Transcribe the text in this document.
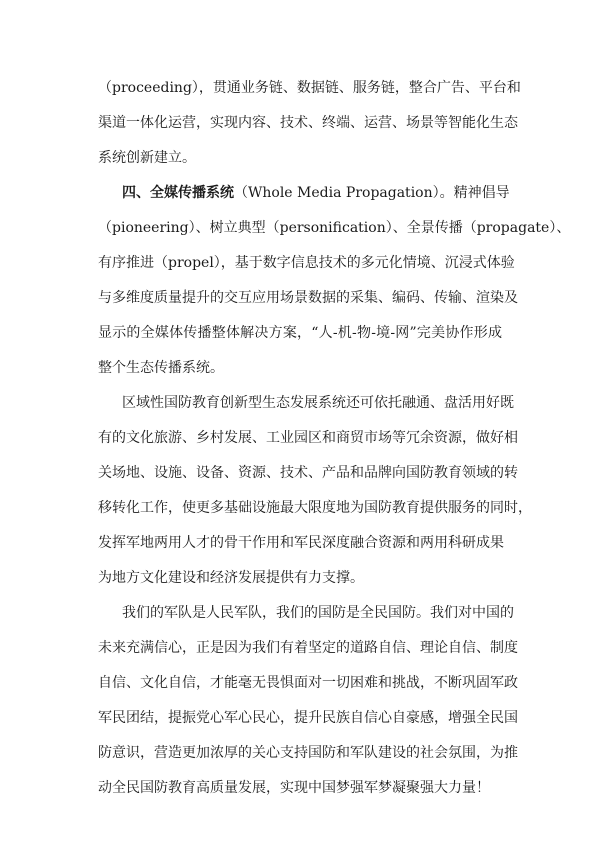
（proceeding），贯通业务链、数据链、服务链，整合广告、平台和
渠道一体化运营，实现内容、技术、终端、运营、场景等智能化生态
系统创新建立。
四、全媒传播系统（Whole Media Propagation）。精神倡导
（pioneering）、树立典型（personification）、全景传播（propagate）、
有序推进（propel），基于数字信息技术的多元化情境、沉浸式体验
与多维度质量提升的交互应用场景数据的采集、编码、传输、渲染及
显示的全媒体传播整体解决方案，“人-机-物-境-网”完美协作形成
整个生态传播系统。
区域性国防教育创新型生态发展系统还可依托融通、盘活用好既
有的文化旅游、乡村发展、工业园区和商贸市场等冗余资源，做好相
关场地、设施、设备、资源、技术、产品和品牌向国防教育领域的转
移转化工作，使更多基础设施最大限度地为国防教育提供服务的同时，
发挥军地两用人才的骨干作用和军民深度融合资源和两用科研成果
为地方文化建设和经济发展提供有力支撑。
我们的军队是人民军队，我们的国防是全民国防。我们对中国的
未来充满信心，正是因为我们有着坚定的道路自信、理论自信、制度
自信、文化自信，才能毫无畏惧面对一切困难和挑战，不断巩固军政
军民团结，提振党心军心民心，提升民族自信心自豪感，增强全民国
防意识，营造更加浓厚的关心支持国防和军队建设的社会氛围，为推
动全民国防教育高质量发展，实现中国梦强军梦凝聚强大力量！
